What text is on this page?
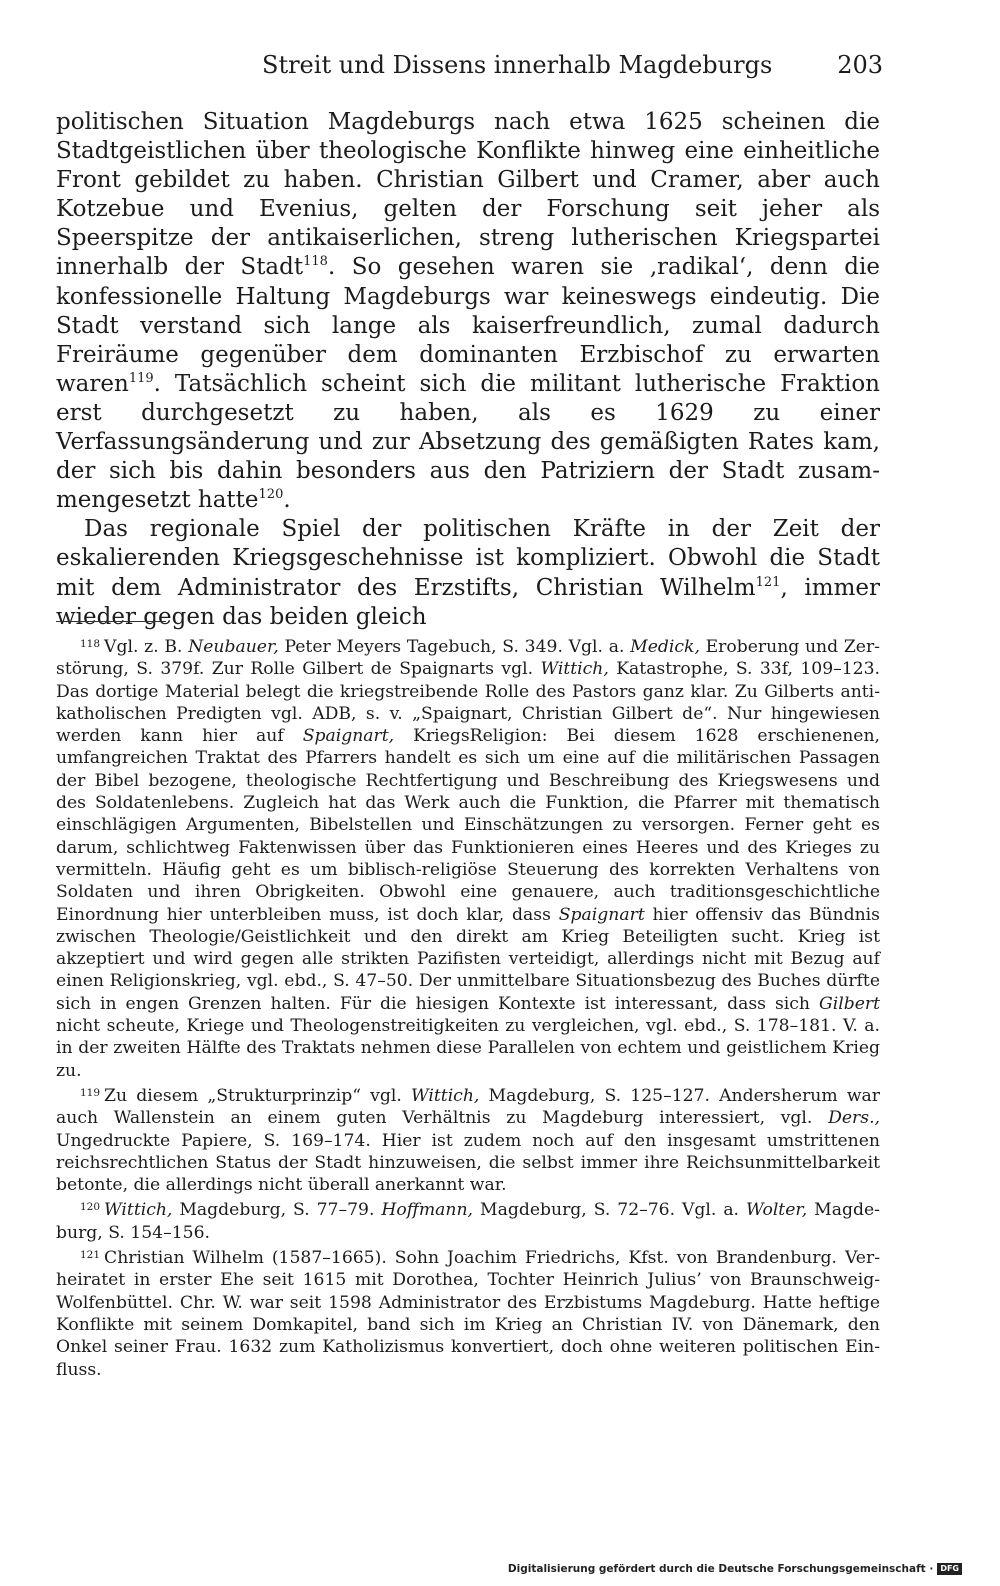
Streit und Dissens innerhalb Magdeburgs	203

politischen Situation Magdeburgs nach etwa 1625 scheinen die Stadtgeistlichen über theologische Konflikte hinweg eine einheitliche Front gebildet zu haben. Christian Gilbert und Cramer, aber auch Kotzebue und Evenius, gelten der Forschung seit jeher als Speerspitze der antikaiserlichen, streng lutherischen Kriegspartei innerhalb der Stadt$^{118}$. So gesehen waren sie ‚radikal‘, denn die konfessionelle Haltung Magdeburgs war keineswegs eindeutig. Die Stadt verstand sich lange als kaiserfreundlich, zumal dadurch Freiräume gegenüber dem dominanten Erzbischof zu erwarten waren$^{119}$. Tatsächlich scheint sich die militant lutherische Fraktion erst durchgesetzt zu haben, als es 1629 zu einer Verfassungsänderung und zur Absetzung des gemäßigten Rates kam, der sich bis dahin besonders aus den Patriziern der Stadt zusammengesetzt hatte$^{120}$.

Das regionale Spiel der politischen Kräfte in der Zeit der eskalierenden Kriegsgeschehnisse ist kompliziert. Obwohl die Stadt mit dem Administrator des Erzstifts, Christian Wilhelm$^{121}$, immer wieder gegen das beiden gleich

$^{118}$ Vgl. z. B. Neubauer, Peter Meyers Tagebuch, S. 349. Vgl. a. Medick, Eroberung und Zerstörung, S. 379f. Zur Rolle Gilbert de Spaignarts vgl. Wittich, Katastrophe, S. 33f, 109–123. Das dortige Material belegt die kriegstreibende Rolle des Pastors ganz klar. Zu Gilberts antikatholischen Predigten vgl. ADB, s. v. „Spaignart, Christian Gilbert de“. Nur hingewiesen werden kann hier auf Spaignart, KriegsReligion: Bei diesem 1628 erschienenen, umfangreichen Traktat des Pfarrers handelt es sich um eine auf die militärischen Passagen der Bibel bezogene, theologische Rechtfertigung und Beschreibung des Kriegswesens und des Soldatenlebens. Zugleich hat das Werk auch die Funktion, die Pfarrer mit thematisch einschlägigen Argumenten, Bibelstellen und Einschätzungen zu versorgen. Ferner geht es darum, schlichtweg Faktenwissen über das Funktionieren eines Heeres und des Krieges zu vermitteln. Häufig geht es um biblisch-religiöse Steuerung des korrekten Verhaltens von Soldaten und ihren Obrigkeiten. Obwohl eine genauere, auch traditionsgeschichtliche Einordnung hier unterbleiben muss, ist doch klar, dass Spaignart hier offensiv das Bündnis zwischen Theologie/Geistlichkeit und den direkt am Krieg Beteiligten sucht. Krieg ist akzeptiert und wird gegen alle strikten Pazifisten verteidigt, allerdings nicht mit Bezug auf einen Religionskrieg, vgl. ebd., S. 47–50. Der unmittelbare Situationsbezug des Buches dürfte sich in engen Grenzen halten. Für die hiesigen Kontexte ist interessant, dass sich Gilbert nicht scheute, Kriege und Theologenstreitigkeiten zu vergleichen, vgl. ebd., S. 178–181. V. a. in der zweiten Hälfte des Traktats nehmen diese Parallelen von echtem und geistlichem Krieg zu.

$^{119}$ Zu diesem „Strukturprinzip“ vgl. Wittich, Magdeburg, S. 125–127. Andersherum war auch Wallenstein an einem guten Verhältnis zu Magdeburg interessiert, vgl. Ders., Ungedruckte Papiere, S. 169–174. Hier ist zudem noch auf den insgesamt umstrittenen reichsrechtlichen Status der Stadt hinzuweisen, die selbst immer ihre Reichsunmittelbarkeit betonte, die allerdings nicht überall anerkannt war.

$^{120}$ Wittich, Magdeburg, S. 77–79. Hoffmann, Magdeburg, S. 72–76. Vgl. a. Wolter, Magdeburg, S. 154–156.

$^{121}$ Christian Wilhelm (1587–1665). Sohn Joachim Friedrichs, Kfst. von Brandenburg. Verheiratet in erster Ehe seit 1615 mit Dorothea, Tochter Heinrich Julius’ von Braunschweig-Wolfenbüttel. Chr. W. war seit 1598 Administrator des Erzbistums Magdeburg. Hatte heftige Konflikte mit seinem Domkapitel, band sich im Krieg an Christian IV. von Dänemark, den Onkel seiner Frau. 1632 zum Katholizismus konvertiert, doch ohne weiteren politischen Einfluss.

Digitalisierung gefördert durch die Deutsche Forschungsgemeinschaft · DFG
